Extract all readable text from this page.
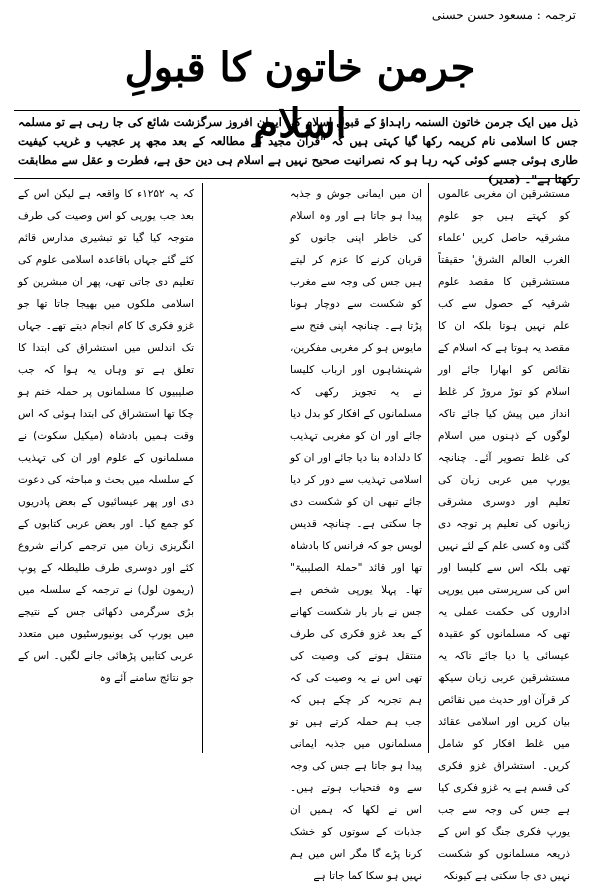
ترجمہ : مسعود حسن حسنی
جرمن خاتون کا قبولِ اسلام
ذیل میں ایک جرمن خاتون السنمہ راہداؤ کے قبولِ اسلام کی ایمان افروز سرگزشت شائع کی جا رہی ہے تو مسلمہ جس کا اسلامی نام کریمہ رکھا گیا کہتی ہیں کہ "قرآن مجید کے مطالعہ کے بعد مجھ پر عجیب و غریب کیفیت طاری ہوئی جسے کوئی کہہ رہا ہو کہ نصرانیت صحیح نہیں ہے اسلام ہی دین حق ہے، فطرت و عقل سے مطابقت رکھتا ہے"۔ (مدیر)

مستشرقین ان مغربی عالموں کو کہتے ہیں جو علوم مشرقیہ حاصل کریں 'علماء الغرب العالم الشرق' حقیقتاً مستشرقین کا مقصد علوم شرقیہ کے حصول سے کب علم نہیں ہوتا بلکہ ان کا مقصد یہ ہوتا ہے کہ اسلام کے نقائص کو ابھارا جائے اور اسلام کو توڑ مروڑ کر غلط انداز میں پیش کیا جائے تاکہ لوگوں کے ذہنوں میں اسلام کی غلط تصویر آئے۔ چنانچہ یورپ میں عربی زبان کی تعلیم اور دوسری مشرقی زبانوں کی تعلیم پر توجہ دی گئی وہ کسی علم کے لئے نہیں تھی بلکہ اس سے کلیسا اور اس کی سرپرستی میں یورپی اداروں کی حکمت عملی یہ تھی کہ مسلمانوں کو عقیدہ عیسائی یا دیا جائے تاکہ یہ مستشرقین عربی زبان سیکھ کر قرآن اور حدیث میں نقائص بیان کریں اور اسلامی عقائد میں غلط افکار کو شامل کریں۔ استشراق غزو فکری کی قسم ہے یہ غزو فکری کیا ہے جس کی وجہ سے جب یورپ فکری جنگ کو اس کے ذریعہ مسلمانوں کو شکست نہیں دی جا سکتی ہے کیونکہ

ان میں ایمانی جوش و جذبہ پیدا ہو جاتا ہے اور وہ اسلام کی خاطر اپنی جانوں کو قربان کرنے کا عزم کر لیتے ہیں جس کی وجہ سے مغرب کو شکست سے دوچار ہونا پڑتا ہے۔ چنانچہ اپنی فتح سے مایوس ہو کر مغربی مفکرین، شہنشاہوں اور ارباب کلیسا نے یہ تجویز رکھی کہ مسلمانوں کے افکار کو بدل دیا جائے اور ان کو مغربی تہذیب کا دلدادہ بنا دیا جائے اور ان کو اسلامی تہذیب سے دور کر دیا جائے تبھی ان کو شکست دی جا سکتی ہے۔ چنانچہ قدیس لویس جو کہ فرانس کا بادشاہ تھا اور قائد "حملۃ الصلیبیۃ" تھا۔ پہلا یورپی شخص ہے جس نے بار بار شکست کھانے کے بعد غزو فکری کی طرف منتقل ہونے کی وصیت کی تھی اس نے یہ وصیت کی کہ ہم تجربہ کر چکے ہیں کہ جب ہم حملہ کرتے ہیں تو مسلمانوں میں جذبہ ایمانی پیدا ہو جاتا ہے جس کی وجہ سے وہ فتحیاب ہوتے ہیں۔ اس نے لکھا کہ ہمیں ان جذبات کے سوتوں کو خشک کرنا پڑے گا مگر اس میں ہم نہیں ہو سکا کما جاتا ہے

کہ یہ ۱۲۵۲ء کا واقعہ ہے لیکن اس کے بعد جب یورپی کو اس وصیت کی طرف متوجہ کیا گیا تو تبشیری مدارس قائم کئے گئے جہاں باقاعدہ اسلامی علوم کی تعلیم دی جاتی تھی، پھر ان مبشرین کو اسلامی ملکوں میں بھیجا جاتا تھا جو غزو فکری کا کام انجام دیتے تھے۔ جہاں تک اندلس میں استشراق کی ابتدا کا تعلق ہے تو وہاں یہ ہوا کہ جب صلیبیوں کا مسلمانوں پر حملہ ختم ہو چکا تھا استشراق کی ابتدا ہوئی کہ اس وقت ہمیں بادشاہ (میکیل سکوت) نے مسلمانوں کے علوم اور ان کی تہذیب کے سلسلہ میں بحث و مباحثہ کی دعوت دی اور پھر عیسائیوں کے بعض پادریوں کو جمع کیا۔ اور بعض عربی کتابوں کے انگریزی زبان میں ترجمے کرانے شروع کئے اور دوسری طرف طلیطلہ کے پوپ (ریمون لول) نے ترجمہ کے سلسلہ میں بڑی سرگرمی دکھائی جس کے نتیجے میں یورپ کی یونیورسٹیوں میں متعدد عربی کتابیں پڑھائی جانے لگیں۔ اس کے جو نتائج سامنے آئے وہ
